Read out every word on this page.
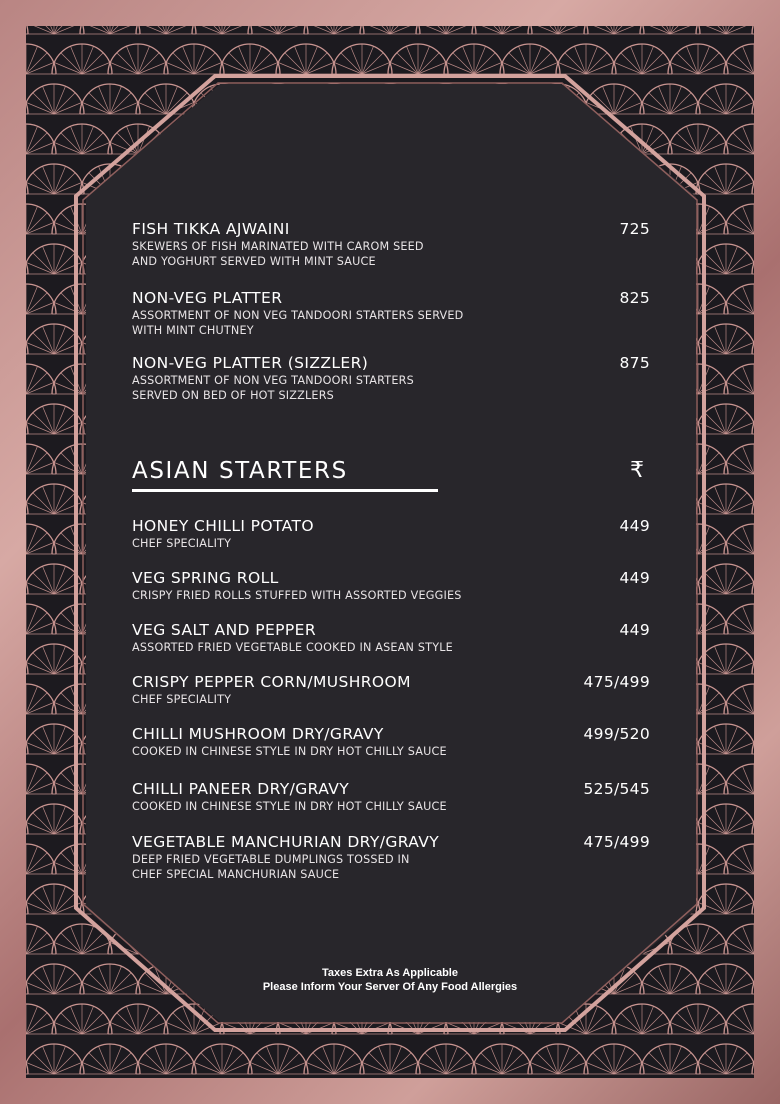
FISH TIKKA AJWAINI
SKEWERS OF FISH MARINATED WITH CAROM SEED
AND YOGHURT SERVED WITH MINT SAUCE
725
NON-VEG PLATTER
ASSORTMENT OF NON VEG TANDOORI STARTERS SERVED
WITH MINT CHUTNEY
825
NON-VEG PLATTER (SIZZLER)
ASSORTMENT OF NON VEG TANDOORI STARTERS
SERVED ON BED OF HOT SIZZLERS
875
ASIAN STARTERS	₹
HONEY CHILLI POTATO
CHEF SPECIALITY
449
VEG SPRING ROLL
CRISPY FRIED ROLLS STUFFED WITH ASSORTED VEGGIES
449
VEG SALT AND PEPPER
ASSORTED FRIED VEGETABLE COOKED IN ASEAN STYLE
449
CRISPY PEPPER CORN/MUSHROOM
CHEF SPECIALITY
475/499
CHILLI MUSHROOM DRY/GRAVY
COOKED IN CHINESE STYLE IN DRY HOT CHILLY SAUCE
499/520
CHILLI PANEER DRY/GRAVY
COOKED IN CHINESE STYLE IN DRY HOT CHILLY SAUCE
525/545
VEGETABLE MANCHURIAN DRY/GRAVY
DEEP FRIED VEGETABLE DUMPLINGS TOSSED IN
CHEF SPECIAL MANCHURIAN SAUCE
475/499
Taxes Extra As Applicable
Please Inform Your Server Of Any Food Allergies
